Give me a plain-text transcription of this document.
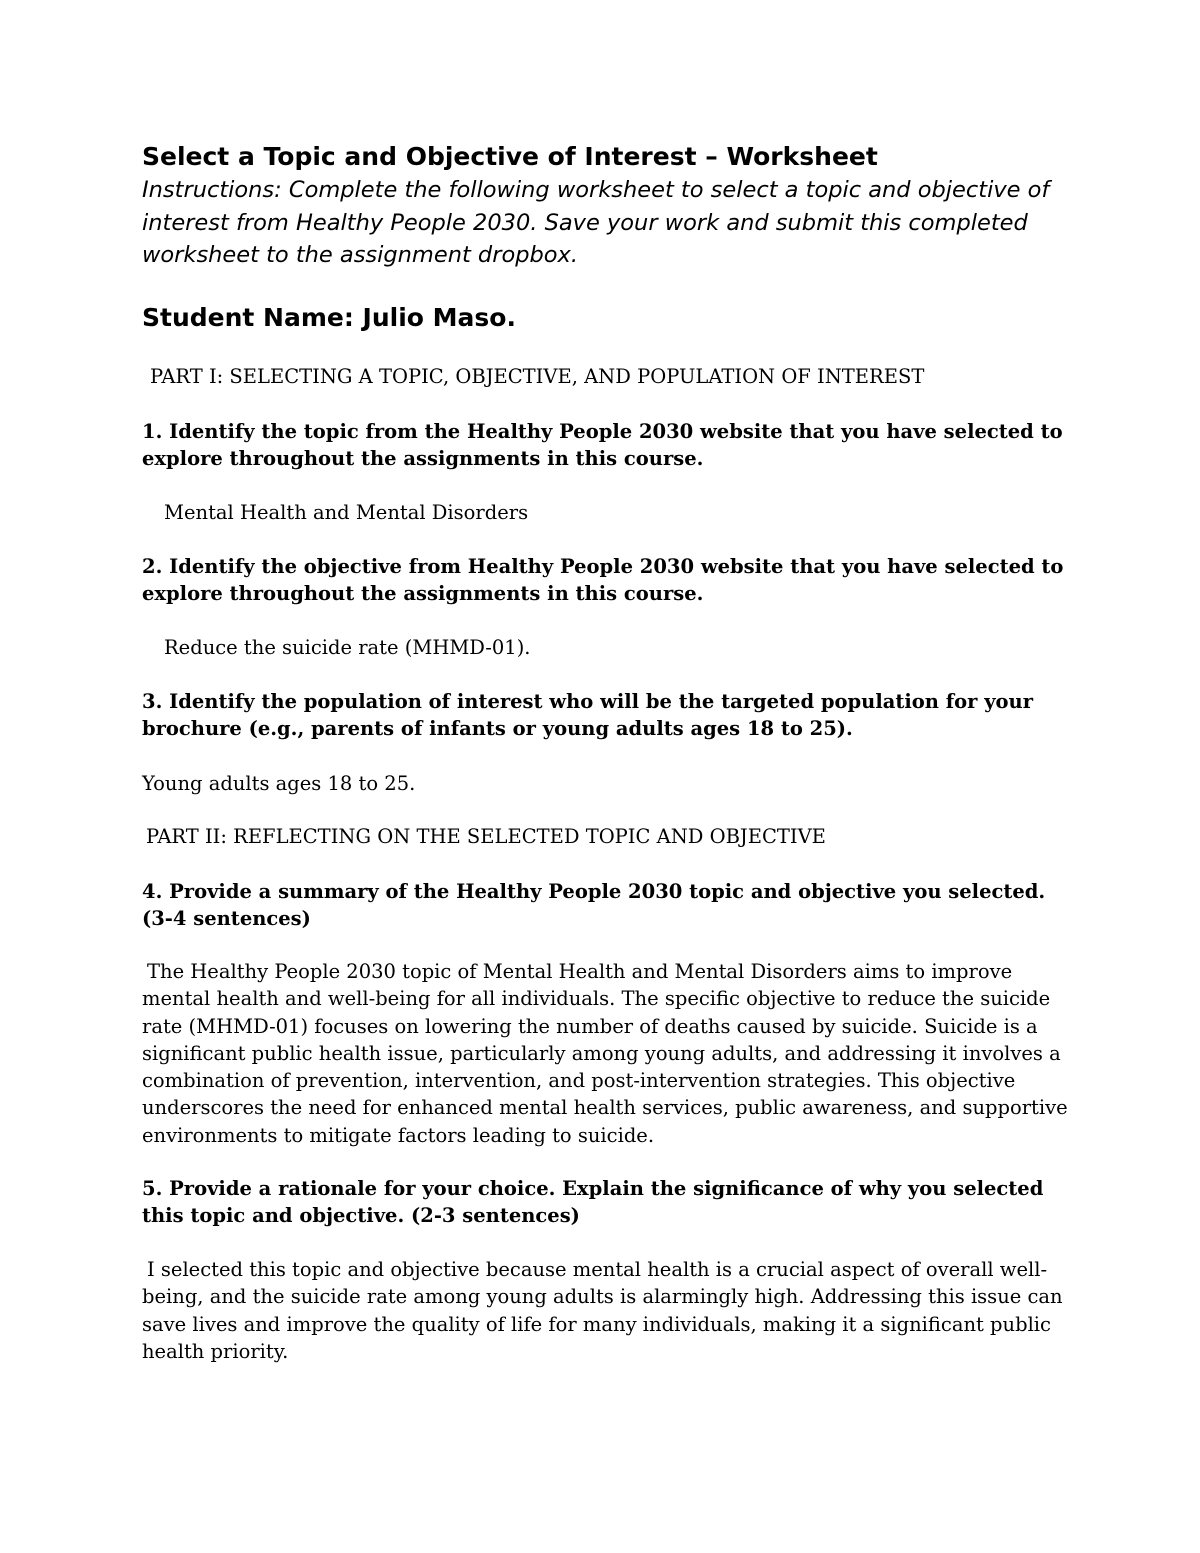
Select a Topic and Objective of Interest – Worksheet
Instructions: Complete the following worksheet to select a topic and objective of interest from Healthy People 2030. Save your work and submit this completed worksheet to the assignment dropbox.
Student Name: Julio Maso.
PART I: SELECTING A TOPIC, OBJECTIVE, AND POPULATION OF INTEREST
1. Identify the topic from the Healthy People 2030 website that you have selected to explore throughout the assignments in this course.
Mental Health and Mental Disorders
2. Identify the objective from Healthy People 2030 website that you have selected to explore throughout the assignments in this course.
Reduce the suicide rate (MHMD-01).
3. Identify the population of interest who will be the targeted population for your brochure (e.g., parents of infants or young adults ages 18 to 25).
Young adults ages 18 to 25.
PART II: REFLECTING ON THE SELECTED TOPIC AND OBJECTIVE
4. Provide a summary of the Healthy People 2030 topic and objective you selected. (3-4 sentences)
The Healthy People 2030 topic of Mental Health and Mental Disorders aims to improve mental health and well-being for all individuals. The specific objective to reduce the suicide rate (MHMD-01) focuses on lowering the number of deaths caused by suicide. Suicide is a significant public health issue, particularly among young adults, and addressing it involves a combination of prevention, intervention, and post-intervention strategies. This objective underscores the need for enhanced mental health services, public awareness, and supportive environments to mitigate factors leading to suicide.
5. Provide a rationale for your choice. Explain the significance of why you selected this topic and objective. (2-3 sentences)
I selected this topic and objective because mental health is a crucial aspect of overall well-being, and the suicide rate among young adults is alarmingly high. Addressing this issue can save lives and improve the quality of life for many individuals, making it a significant public health priority.
